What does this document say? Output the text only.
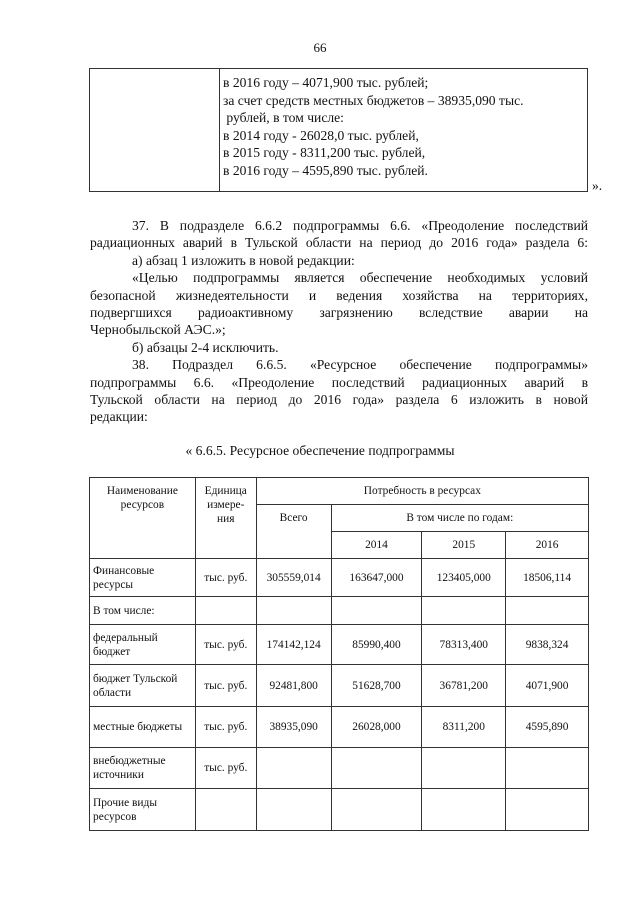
66
в 2016 году – 4071,900 тыс. рублей;
за счет средств местных бюджетов – 38935,090 тыс.
рублей, в том числе:
в 2014 году - 26028,0 тыс. рублей,
в 2015 году - 8311,200 тыс. рублей,
в 2016 году – 4595,890 тыс. рублей.
».
37. В подразделе 6.6.2 подпрограммы 6.6. «Преодоление последствий
радиационных аварий в Тульской области на период до 2016 года» раздела 6:
а) абзац 1 изложить в новой редакции:
«Целью подпрограммы является обеспечение необходимых условий
безопасной жизнедеятельности и ведения хозяйства на территориях,
подвергшихся радиоактивному загрязнению вследствие аварии на
Чернобыльской АЭС.»;
б) абзацы 2-4 исключить.
38. Подраздел 6.6.5. «Ресурсное обеспечение подпрограммы»
подпрограммы 6.6. «Преодоление последствий радиационных аварий в
Тульской области на период до 2016 года» раздела 6 изложить в новой
редакции:
« 6.6.5. Ресурсное обеспечение подпрограммы
Наименование ресурсов	Единица измере-ния	Потребность в ресурсах			
		Всего	В том числе по годам:		
			2014	2015	2016
Финансовые ресурсы	тыс. руб.	305559,014	163647,000	123405,000	18506,114
В том числе:					
федеральный бюджет	тыс. руб.	174142,124	85990,400	78313,400	9838,324
бюджет Тульской области	тыс. руб.	92481,800	51628,700	36781,200	4071,900
местные бюджеты	тыс. руб.	38935,090	26028,000	8311,200	4595,890
внебюджетные источники	тыс. руб.				
Прочие виды ресурсов					
